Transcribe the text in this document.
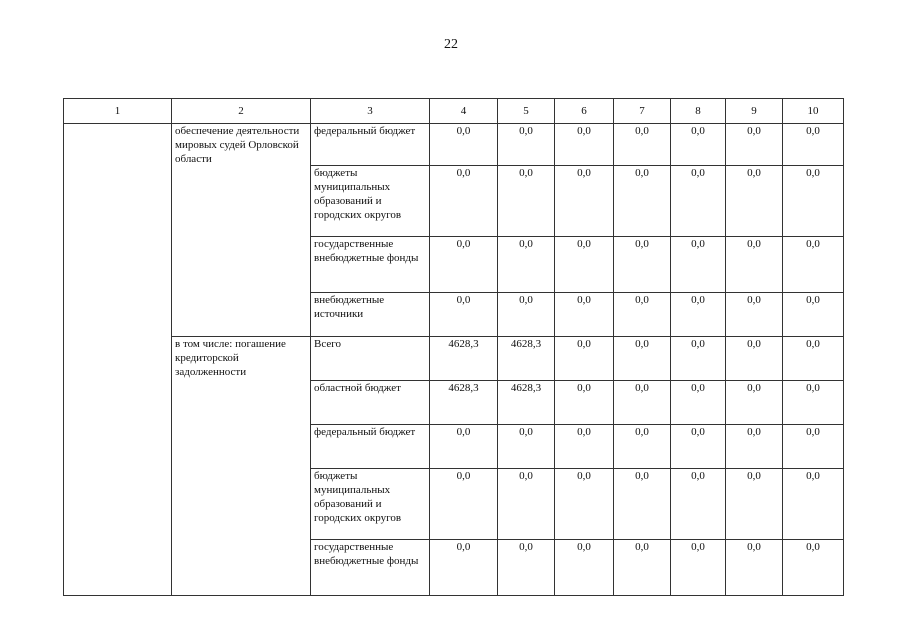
22
1	2	3	4	5	6	7	8	9	10
	обеспечение деятельности мировых судей Орловской области	федеральный бюджет	0,0	0,0	0,0	0,0	0,0	0,0	0,0
		бюджеты муниципальных образований и городских округов	0,0	0,0	0,0	0,0	0,0	0,0	0,0
		государственные внебюджетные фонды	0,0	0,0	0,0	0,0	0,0	0,0	0,0
		внебюджетные источники	0,0	0,0	0,0	0,0	0,0	0,0	0,0
	в том числе: погашение кредиторской задолженности	Всего	4628,3	4628,3	0,0	0,0	0,0	0,0	0,0
		областной бюджет	4628,3	4628,3	0,0	0,0	0,0	0,0	0,0
		федеральный бюджет	0,0	0,0	0,0	0,0	0,0	0,0	0,0
		бюджеты муниципальных образований и городских округов	0,0	0,0	0,0	0,0	0,0	0,0	0,0
		государственные внебюджетные фонды	0,0	0,0	0,0	0,0	0,0	0,0	0,0
